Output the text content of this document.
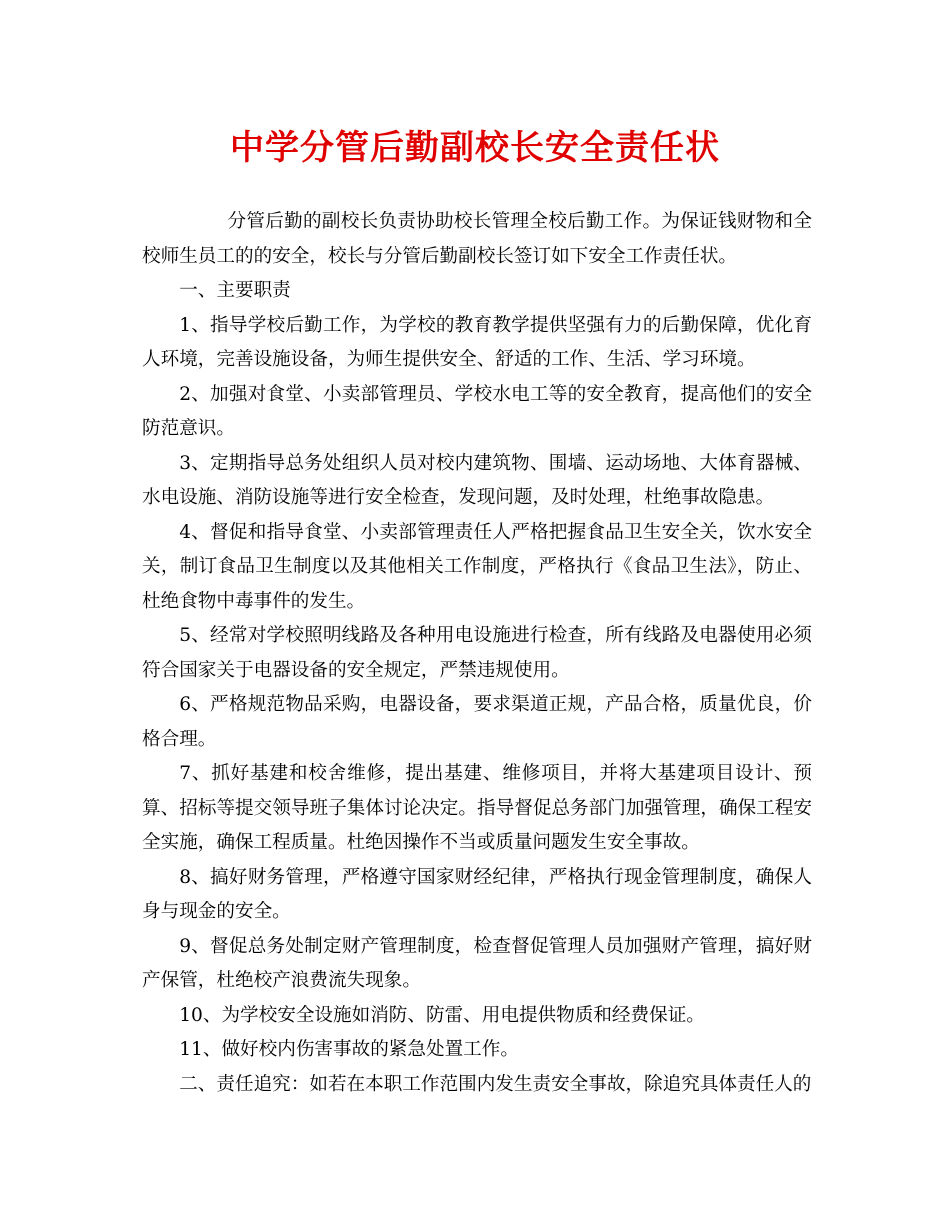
中学分管后勤副校长安全责任状

分管后勤的副校长负责协助校长管理全校后勤工作。为保证钱财物和全校师生员工的的安全，校长与分管后勤副校长签订如下安全工作责任状。

一、主要职责

1、指导学校后勤工作，为学校的教育教学提供坚强有力的后勤保障，优化育人环境，完善设施设备，为师生提供安全、舒适的工作、生活、学习环境。

2、加强对食堂、小卖部管理员、学校水电工等的安全教育，提高他们的安全防范意识。

3、定期指导总务处组织人员对校内建筑物、围墙、运动场地、大体育器械、水电设施、消防设施等进行安全检查，发现问题，及时处理，杜绝事故隐患。

4、督促和指导食堂、小卖部管理责任人严格把握食品卫生安全关，饮水安全关，制订食品卫生制度以及其他相关工作制度，严格执行《食品卫生法》，防止、杜绝食物中毒事件的发生。

5、经常对学校照明线路及各种用电设施进行检查，所有线路及电器使用必须符合国家关于电器设备的安全规定，严禁违规使用。

6、严格规范物品采购，电器设备，要求渠道正规，产品合格，质量优良，价格合理。

7、抓好基建和校舍维修，提出基建、维修项目，并将大基建项目设计、预算、招标等提交领导班子集体讨论决定。指导督促总务部门加强管理，确保工程安全实施，确保工程质量。杜绝因操作不当或质量问题发生安全事故。

8、搞好财务管理，严格遵守国家财经纪律，严格执行现金管理制度，确保人身与现金的安全。

9、督促总务处制定财产管理制度，检查督促管理人员加强财产管理，搞好财产保管，杜绝校产浪费流失现象。

10、为学校安全设施如消防、防雷、用电提供物质和经费保证。

11、做好校内伤害事故的紧急处置工作。

二、责任追究：如若在本职工作范围内发生责安全事故，除追究具体责任人的
